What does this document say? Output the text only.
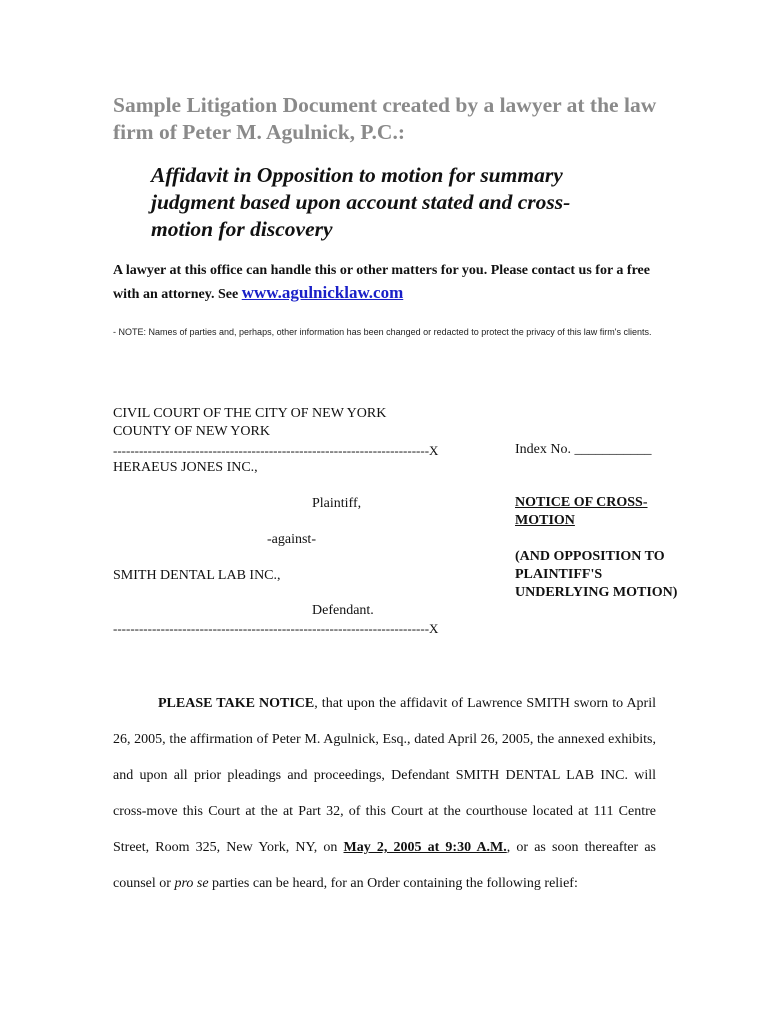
Sample Litigation Document created by a lawyer at the law firm of Peter M. Agulnick, P.C.:
Affidavit in Opposition to motion for summary judgment based upon account stated and cross-motion for discovery
A lawyer at this office can handle this or other matters for you. Please contact us for a free with an attorney. See www.agulnicklaw.com
- NOTE: Names of parties and, perhaps, other information has been changed or redacted to protect the privacy of this law firm's clients.
CIVIL COURT OF THE CITY OF NEW YORK
COUNTY OF NEW YORK
-------------------------------------------------------------------------X	Index No. ___________
HERAEUS JONES INC.,
Plaintiff,
-against-
SMITH DENTAL LAB INC.,
Defendant.
-------------------------------------------------------------------------X
NOTICE OF CROSS-MOTION
(AND OPPOSITION TO PLAINTIFF'S UNDERLYING MOTION)
PLEASE TAKE NOTICE, that upon the affidavit of Lawrence SMITH sworn to April 26, 2005, the affirmation of Peter M. Agulnick, Esq., dated April 26, 2005, the annexed exhibits, and upon all prior pleadings and proceedings, Defendant SMITH DENTAL LAB INC. will cross-move this Court at the at Part 32, of this Court at the courthouse located at 111 Centre Street, Room 325, New York, NY, on May 2, 2005 at 9:30 A.M., or as soon thereafter as counsel or pro se parties can be heard, for an Order containing the following relief:
